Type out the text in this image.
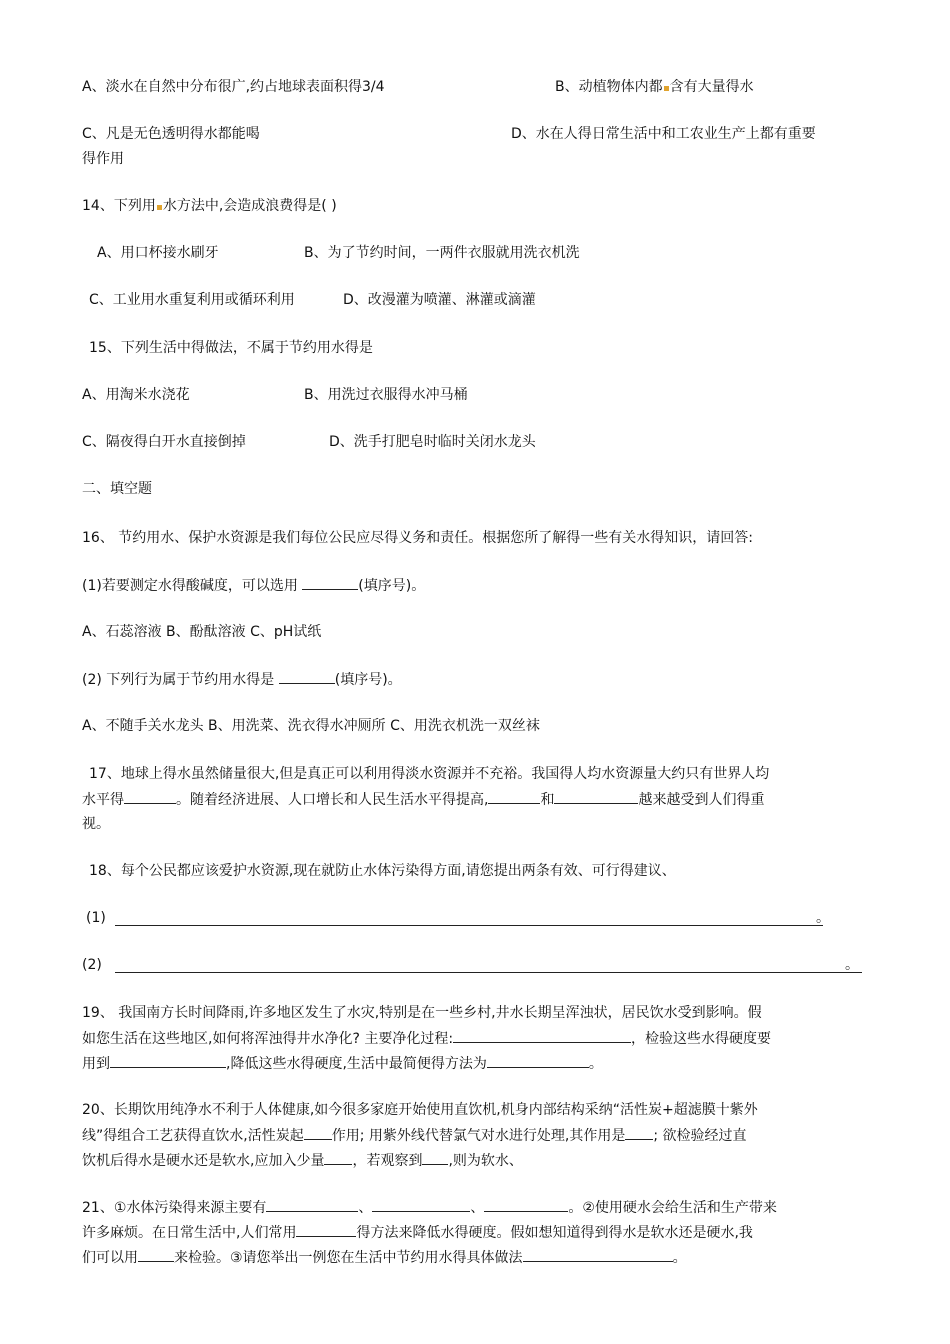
A、淡水在自然中分布很广,约占地球表面积得3/4	B、动植物体内都 含有大量得水
C、凡是无色透明得水都能喝	D、水在人得日常生活中和工农业生产上都有重要
得作用
14、下列用 水方法中,会造成浪费得是( )
A、用口杯接水刷牙	B、为了节约时间，一两件衣服就用洗衣机洗
C、工业用水重复利用或循环利用	D、改漫灌为喷灌、淋灌或滴灌
15、下列生活中得做法，不属于节约用水得是
A、用淘米水浇花	B、用洗过衣服得水冲马桶
C、隔夜得白开水直接倒掉	D、洗手打肥皂时临时关闭水龙头
二、填空题
16、 节约用水、保护水资源是我们每位公民应尽得义务和责任。根据您所了解得一些有关水得知识，请回答:
(1)若要测定水得酸碱度，可以选用	(填序号)。
A、石蕊溶液 B、酚酞溶液 C、pH试纸
(2) 下列行为属于节约用水得是	(填序号)。
A、不随手关水龙头 B、用洗菜、洗衣得水冲厕所 C、用洗衣机洗一双丝袜
17、地球上得水虽然储量很大,但是真正可以利用得淡水资源并不充裕。我国得人均水资源量大约只有世界人均
水平得	。随着经济进展、人口增长和人民生活水平得提高,	和	越来越受到人们得重
视。
18、每个公民都应该爱护水资源,现在就防止水体污染得方面,请您提出两条有效、可行得建议、
(1)	。
(2)	。
19、 我国南方长时间降雨,许多地区发生了水灾,特别是在一些乡村,井水长期呈浑浊状，居民饮水受到影响。假
如您生活在这些地区,如何将浑浊得井水净化? 主要净化过程:	，检验这些水得硬度要
用到	,降低这些水得硬度,生活中最简便得方法为	。
20、长期饮用纯净水不利于人体健康,如今很多家庭开始使用直饮机,机身内部结构采纳“活性炭+超滤膜十紫外
线”得组合工艺获得直饮水,活性炭起 作用; 用紫外线代替氯气对水进行处理,其作用是 ; 欲检验经过直
饮机后得水是硬水还是软水,应加入少量 ，若观察到 ,则为软水、
21、①水体污染得来源主要有	、	、	。②使用硬水会给生活和生产带来
许多麻烦。在日常生活中,人们常用	得方法来降低水得硬度。假如想知道得到得水是软水还是硬水,我
们可以用	来检验。③请您举出一例您在生活中节约用水得具体做法	。
